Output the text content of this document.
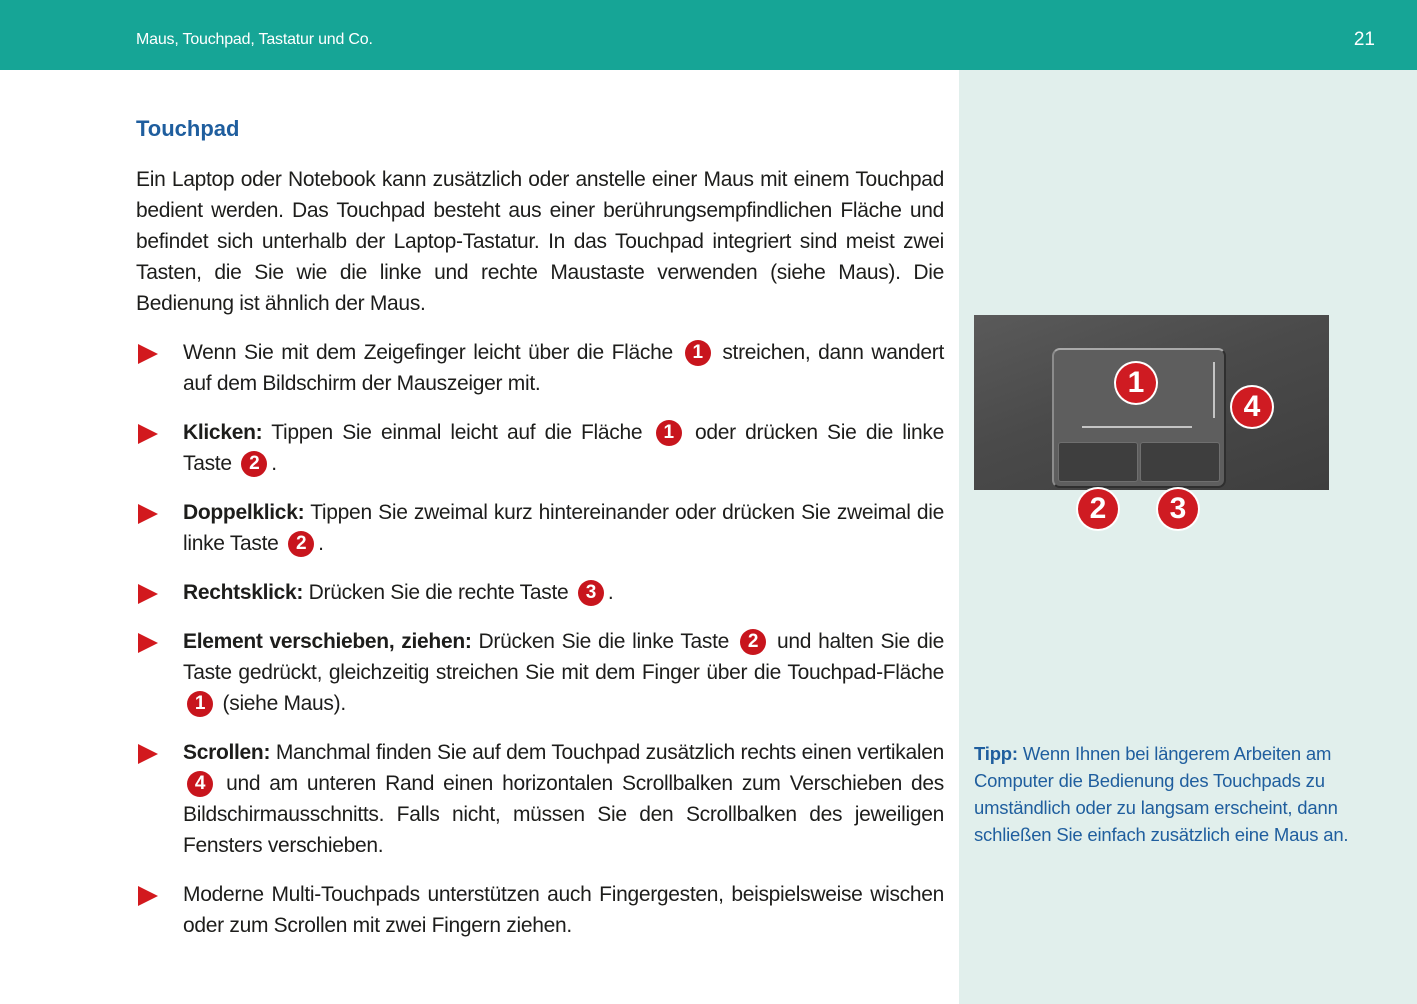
Maus, Touchpad, Tastatur und Co.	21
Touchpad

Ein Laptop oder Notebook kann zusätzlich oder anstelle einer Maus mit einem Touchpad bedient werden. Das Touchpad besteht aus einer berührungsempfindlichen Fläche und befindet sich unterhalb der Laptop-Tastatur. In das Touchpad integriert sind meist zwei Tasten, die Sie wie die linke und rechte Maustaste verwenden (siehe Maus). Die Bedienung ist ähnlich der Maus.

Wenn Sie mit dem Zeigefinger leicht über die Fläche 1 streichen, dann wandert auf dem Bildschirm der Mauszeiger mit.
Klicken: Tippen Sie einmal leicht auf die Fläche 1 oder drücken Sie die linke Taste 2 .
Doppelklick: Tippen Sie zweimal kurz hintereinander oder drücken Sie zweimal die linke Taste 2 .
Rechtsklick: Drücken Sie die rechte Taste 3 .
Element verschieben, ziehen: Drücken Sie die linke Taste 2 und halten Sie die Taste gedrückt, gleichzeitig streichen Sie mit dem Finger über die Touchpad-Fläche 1 (siehe Maus).
Scrollen: Manchmal finden Sie auf dem Touchpad zusätzlich rechts einen vertikalen 4 und am unteren Rand einen horizontalen Scrollbalken zum Verschieben des Bildschirmausschnitts. Falls nicht, müssen Sie den Scrollbalken des jeweiligen Fensters verschieben.
Moderne Multi-Touchpads unterstützen auch Fingergesten, beispielsweise wischen oder zum Scrollen mit zwei Fingern ziehen.
1
2	3
4
Tipp: Wenn Ihnen bei längerem Arbeiten am Computer die Bedienung des Touchpads zu umständlich oder zu langsam erscheint, dann schließen Sie einfach zusätzlich eine Maus an.
